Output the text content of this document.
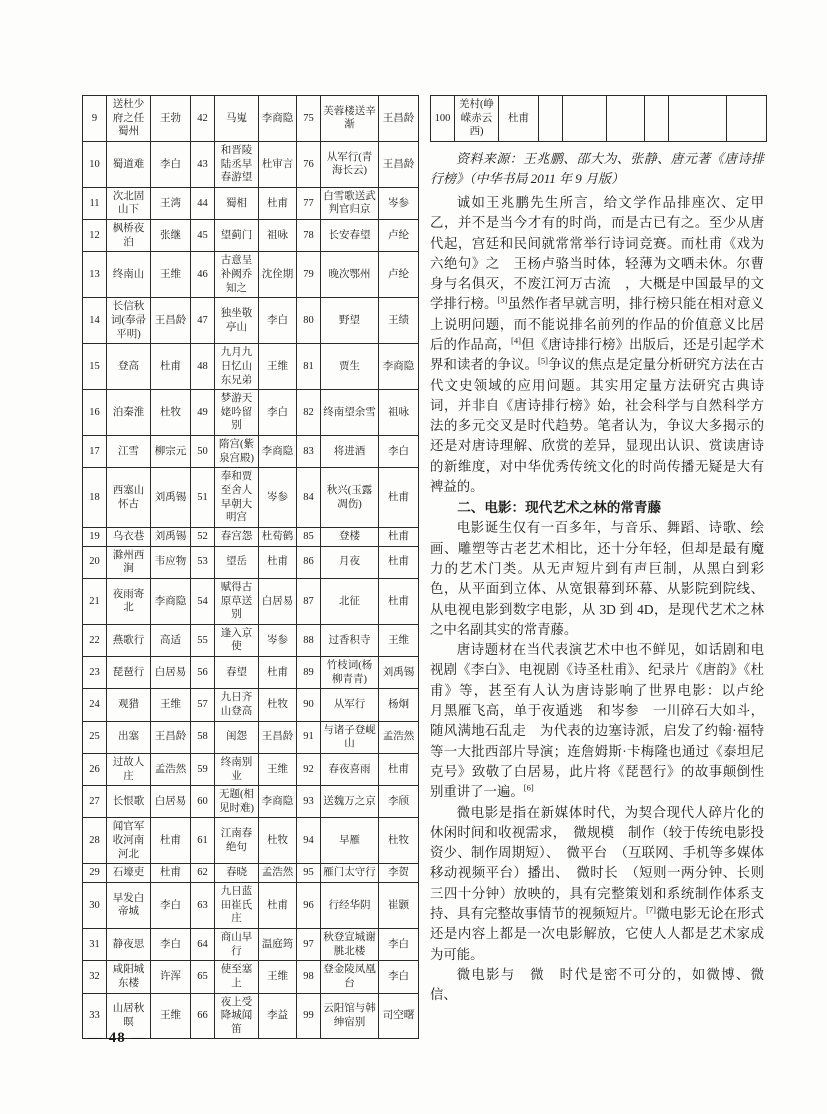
9	送杜少府之任蜀州	王勃	42	马嵬	李商隐	75	芙蓉楼送辛渐	王昌龄
10	蜀道难	李白	43	和晋陵陆丞早春游望	杜审言	76	从军行(青海长云)	王昌龄
11	次北固山下	王湾	44	蜀相	杜甫	77	白雪歌送武判官归京	岑参
12	枫桥夜泊	张继	45	望蓟门	祖咏	78	长安春望	卢纶
13	终南山	王维	46	古意呈补阙乔知之	沈佺期	79	晚次鄂州	卢纶
14	长信秋词(奉帚平明)	王昌龄	47	独坐敬亭山	李白	80	野望	王绩
15	登高	杜甫	48	九月九日忆山东兄弟	王维	81	贾生	李商隐
16	泊秦淮	杜牧	49	梦游天姥吟留别	李白	82	终南望余雪	祖咏
17	江雪	柳宗元	50	隋宫(紫泉宫殿)	李商隐	83	将进酒	李白
18	西塞山怀古	刘禹锡	51	奉和贾至舍人早朝大明宫	岑参	84	秋兴(玉露凋伤)	杜甫
19	乌衣巷	刘禹锡	52	春宫怨	杜荀鹤	85	登楼	杜甫
20	滁州西涧	韦应物	53	望岳	杜甫	86	月夜	杜甫
21	夜雨寄北	李商隐	54	赋得古原草送别	白居易	87	北征	杜甫
22	燕歌行	高适	55	逢入京使	岑参	88	过香积寺	王维
23	琵琶行	白居易	56	春望	杜甫	89	竹枝词(杨柳青青)	刘禹锡
24	观猎	王维	57	九日齐山登高	杜牧	90	从军行	杨炯
25	出塞	王昌龄	58	闺怨	王昌龄	91	与诸子登岘山	孟浩然
26	过故人庄	孟浩然	59	终南别业	王维	92	春夜喜雨	杜甫
27	长恨歌	白居易	60	无题(相见时难)	李商隐	93	送魏万之京	李颀
28	闻官军收河南河北	杜甫	61	江南春绝句	杜牧	94	早雁	杜牧
29	石壕吏	杜甫	62	春晓	孟浩然	95	雁门太守行	李贺
30	早发白帝城	李白	63	九日蓝田崔氏庄	杜甫	96	行经华阴	崔颢
31	静夜思	李白	64	商山早行	温庭筠	97	秋登宣城谢朓北楼	李白
32	咸阳城东楼	许浑	65	使至塞上	王维	98	登金陵凤凰台	李白
33	山居秋暝	王维	66	夜上受降城闻笛	李益	99	云阳馆与韩绅宿别	司空曙
100	羌村(峥嵘赤云西)	杜甫						

资料来源：王兆鹏、邵大为、张静、唐元著《唐诗排行榜》（中华书局 2011 年 9 月版）

诚如王兆鹏先生所言，给文学作品排座次、定甲乙，并不是当今才有的时尚，而是古已有之。至少从唐代起，宫廷和民间就常常举行诗词竞赛。而杜甫《戏为六绝句》之　王杨卢骆当时体，轻薄为文哂未休。尔曹身与名俱灭，不废江河万古流　，大概是中国最早的文学排行榜。[3]虽然作者早就言明，排行榜只能在相对意义上说明问题，而不能说排名前列的作品的价值意义比居后的作品高，[4]但《唐诗排行榜》出版后，还是引起学术界和读者的争议。[5]争议的焦点是定量分析研究方法在古代文史领域的应用问题。其实用定量方法研究古典诗词，并非自《唐诗排行榜》始，社会科学与自然科学方法的多元交叉是时代趋势。笔者认为，争议大多揭示的还是对唐诗理解、欣赏的差异，显现出认识、赏读唐诗的新维度，对中华优秀传统文化的时尚传播无疑是大有裨益的。

二、电影：现代艺术之林的常青藤

电影诞生仅有一百多年，与音乐、舞蹈、诗歌、绘画、雕塑等古老艺术相比，还十分年轻，但却是最有魔力的艺术门类。从无声短片到有声巨制，从黑白到彩色，从平面到立体、从宽银幕到环幕、从影院到院线、从电视电影到数字电影，从 3D 到 4D，是现代艺术之林之中名副其实的常青藤。

唐诗题材在当代表演艺术中也不鲜见，如话剧和电视剧《李白》、电视剧《诗圣杜甫》、纪录片《唐韵》《杜甫》等，甚至有人认为唐诗影响了世界电影：以卢纶　月黑雁飞高，单于夜遁逃　和岑参　一川碎石大如斗，随风满地石乱走　为代表的边塞诗派，启发了约翰·福特等一大批西部片导演；连詹姆斯·卡梅隆也通过《泰坦尼克号》致敬了白居易，此片将《琵琶行》的故事颠倒性别重讲了一遍。[6]

微电影是指在新媒体时代，为契合现代人碎片化的休闲时间和收视需求，　微规模　制作（较于传统电影投资少、制作周期短）、　微平台　（互联网、手机等多媒体移动视频平台）播出、　微时长　（短则一两分钟、长则三四十分钟）放映的，具有完整策划和系统制作体系支持、具有完整故事情节的视频短片。[7]微电影无论在形式还是内容上都是一次电影解放，它使人人都是艺术家成为可能。

微电影与　微　时代是密不可分的，如微博、微信、

— 48 —
